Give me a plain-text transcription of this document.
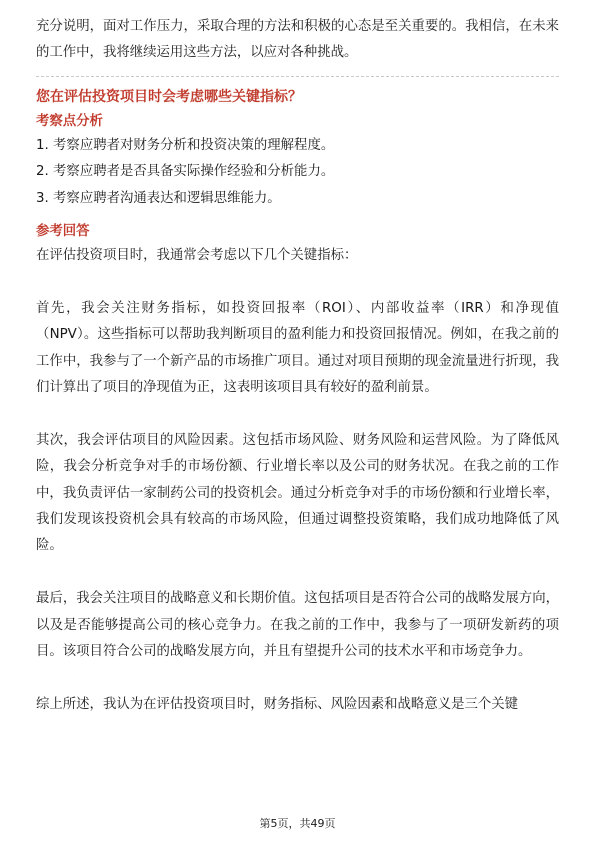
充分说明，面对工作压力，采取合理的方法和积极的心态是至关重要的。我相信，在未来的工作中，我将继续运用这些方法，以应对各种挑战。

您在评估投资项目时会考虑哪些关键指标？
考察点分析

1. 考察应聘者对财务分析和投资决策的理解程度。

2. 考察应聘者是否具备实际操作经验和分析能力。

3. 考察应聘者沟通表达和逻辑思维能力。

参考回答

在评估投资项目时，我通常会考虑以下几个关键指标：

首先，我会关注财务指标，如投资回报率（ROI）、内部收益率（IRR）和净现值（NPV）。这些指标可以帮助我判断项目的盈利能力和投资回报情况。例如，在我之前的工作中，我参与了一个新产品的市场推广项目。通过对项目预期的现金流量进行折现，我们计算出了项目的净现值为正，这表明该项目具有较好的盈利前景。

其次，我会评估项目的风险因素。这包括市场风险、财务风险和运营风险。为了降低风险，我会分析竞争对手的市场份额、行业增长率以及公司的财务状况。在我之前的工作中，我负责评估一家制药公司的投资机会。通过分析竞争对手的市场份额和行业增长率，我们发现该投资机会具有较高的市场风险，但通过调整投资策略，我们成功地降低了风险。

最后，我会关注项目的战略意义和长期价值。这包括项目是否符合公司的战略发展方向，以及是否能够提高公司的核心竞争力。在我之前的工作中，我参与了一项研发新药的项目。该项目符合公司的战略发展方向，并且有望提升公司的技术水平和市场竞争力。

综上所述，我认为在评估投资项目时，财务指标、风险因素和战略意义是三个关键

第5页，共49页
